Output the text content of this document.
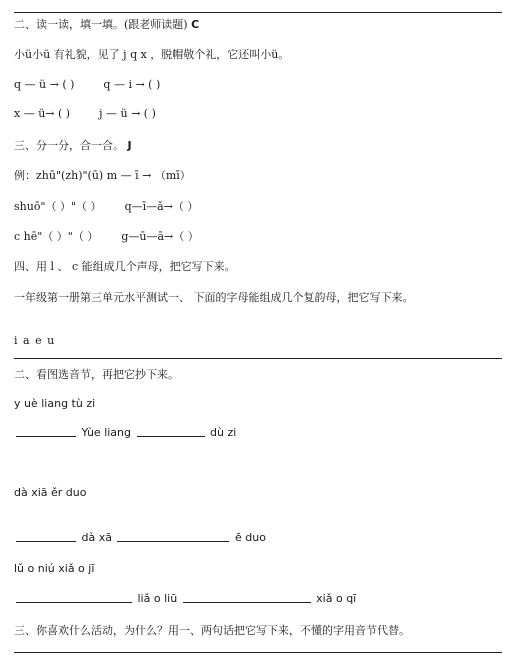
二、读一读，填一填。(跟老师读题) C
小ü小ü 有礼貌，见了 j q x ，脱帽敬个礼，它还叫小ü。
q — ü → ( )	q — i → ( )
x — ü→ ( )	j — ü → ( )
三、分一分，合一合。 J
例：zhū"(zh)"(ū) m — ī → （mī）
shuō"（ ）"（ ） q—ī—ǎ→（ ）
c hē"（ ）"（ ） g—ū—ā→（ ）
四、用 l 、 c 能组成几个声母，把它写下来。
一年级第一册第三单元水平测试一、 下面的字母能组成几个复韵母，把它写下来。
i a e u
二、看图选音节，再把它抄下来。
y uè liang tù zi
Yùe liang	dù zi
dà xiā ěr duo
dà xā	ē duo
lǔ o niú xiǎ o jī
liǎ o liū	xiǎ o qī
三、你喜欢什么活动，为什么？用一、两句话把它写下来，不懂的字用音节代替。
